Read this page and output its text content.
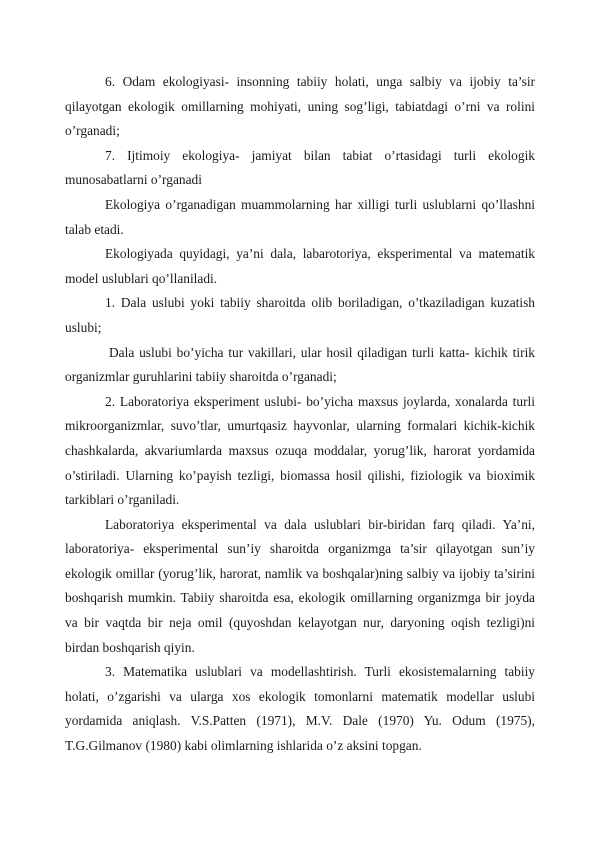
6. Odam ekologiyasi- insonning tabiiy holati, unga salbiy va ijobiy ta’sir qilayotgan ekologik omillarning mohiyati, uning sog’ligi, tabiatdagi o’rni va rolini o’rganadi;

7. Ijtimoiy ekologiya- jamiyat bilan tabiat o’rtasidagi turli ekologik munosabatlarni o’rganadi

Ekologiya o’rganadigan muammolarning har xilligi turli uslublarni qo’llashni talab etadi.

Ekologiyada quyidagi, ya’ni dala, labarotoriya, eksperimental va matematik model uslublari qo’llaniladi.

1. Dala uslubi yoki tabiiy sharoitda olib boriladigan, o’tkaziladigan kuzatish uslubi;

Dala uslubi bo’yicha tur vakillari, ular hosil qiladigan turli katta- kichik tirik organizmlar guruhlarini tabiiy sharoitda o’rganadi;

2. Laboratoriya eksperiment uslubi- bo’yicha maxsus joylarda, xonalarda turli mikroorganizmlar, suvo’tlar, umurtqasiz hayvonlar, ularning formalari kichik-kichik chashkalarda, akvariumlarda maxsus ozuqa moddalar, yorug’lik, harorat yordamida o’stiriladi. Ularning ko’payish tezligi, biomassa hosil qilishi, fiziologik va bioximik tarkiblari o’rganiladi.

Laboratoriya eksperimental va dala uslublari bir-biridan farq qiladi. Ya’ni, laboratoriya- eksperimental sun’iy sharoitda organizmga ta’sir qilayotgan sun’iy ekologik omillar (yorug’lik, harorat, namlik va boshqalar)ning salbiy va ijobiy ta’sirini boshqarish mumkin. Tabiiy sharoitda esa, ekologik omillarning organizmga bir joyda va bir vaqtda bir neja omil (quyoshdan kelayotgan nur, daryoning oqish tezligi)ni birdan boshqarish qiyin.

3. Matematika uslublari va modellashtirish. Turli ekosistemalarning tabiiy holati, o’zgarishi va ularga xos ekologik tomonlarni matematik modellar uslubi yordamida aniqlash. V.S.Patten (1971), M.V. Dale (1970) Yu. Odum (1975), T.G.Gilmanov (1980) kabi olimlarning ishlarida o’z aksini topgan.
